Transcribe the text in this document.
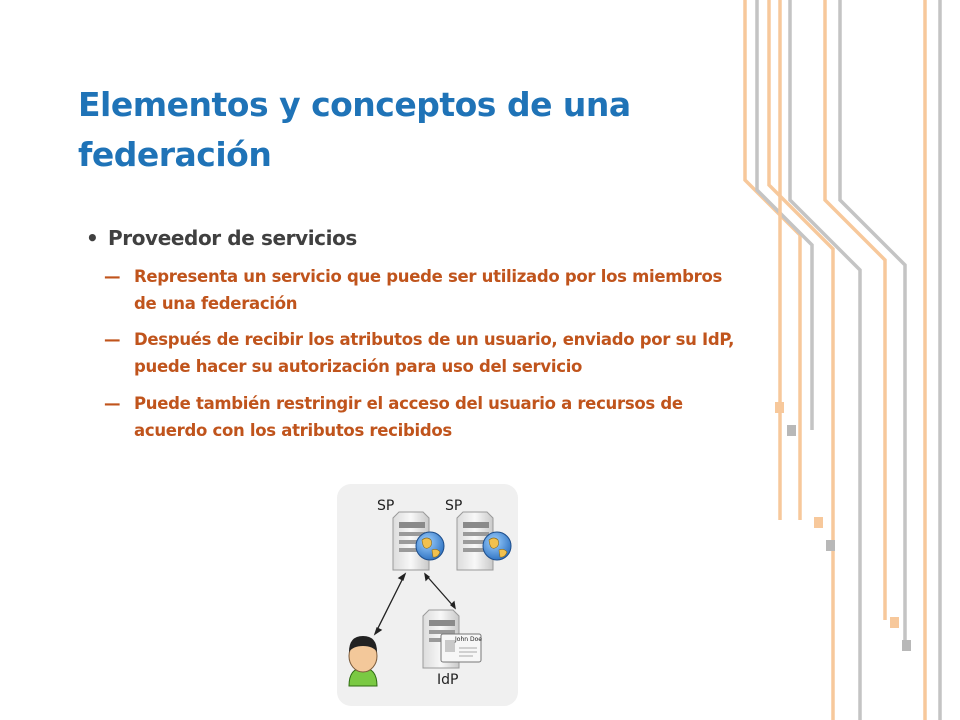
Elementos y conceptos de una federación
• Proveedor de servicios
— Representa un servicio que puede ser utilizado por los miembros de una federación
— Después de recibir los atributos de un usuario, enviado por su IdP, puede hacer su autorización para uso del servicio
— Puede también restringir el acceso del usuario a recursos de acuerdo con los atributos recibidos
SP	SP
IdP
John Doe
